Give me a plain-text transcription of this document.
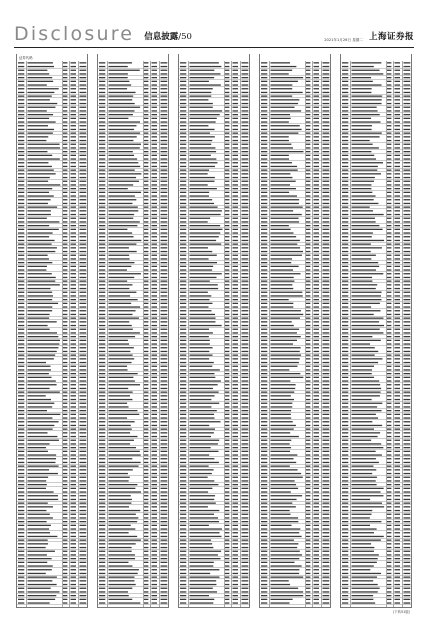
Disclosure 信息披露/50	2021年1月26日 星期二 上海证券报
证券代码
(下转51版)
